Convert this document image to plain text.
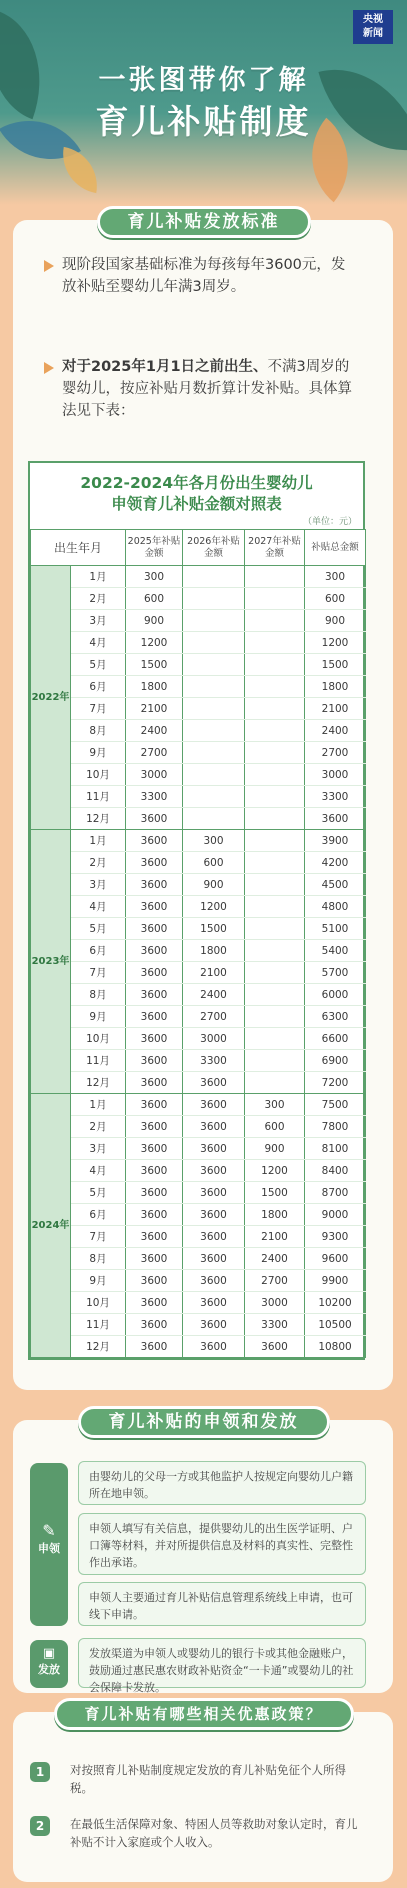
央视
新闻
一张图带你了解
育儿补贴制度
育儿补贴发放标准
现阶段国家基础标准为每孩每年3600元，发放补贴至婴幼儿年满3周岁。
对于2025年1月1日之前出生、不满3周岁的婴幼儿，按应补贴月数折算计发补贴。具体算法见下表：
2022-2024年各月份出生婴幼儿
申领育儿补贴金额对照表
（单位：元）
出生年月		2025年补贴金额	2026年补贴金额	2027年补贴金额	补贴总金额
2022年	1月	300			300
	2月	600			600
	3月	900			900
	4月	1200			1200
	5月	1500			1500
	6月	1800			1800
	7月	2100			2100
	8月	2400			2400
	9月	2700			2700
	10月	3000			3000
	11月	3300			3300
	12月	3600			3600
2023年	1月	3600	300		3900
	2月	3600	600		4200
	3月	3600	900		4500
	4月	3600	1200		4800
	5月	3600	1500		5100
	6月	3600	1800		5400
	7月	3600	2100		5700
	8月	3600	2400		6000
	9月	3600	2700		6300
	10月	3600	3000		6600
	11月	3600	3300		6900
	12月	3600	3600		7200
2024年	1月	3600	3600	300	7500
	2月	3600	3600	600	7800
	3月	3600	3600	900	8100
	4月	3600	3600	1200	8400
	5月	3600	3600	1500	8700
	6月	3600	3600	1800	9000
	7月	3600	3600	2100	9300
	8月	3600	3600	2400	9600
	9月	3600	3600	2700	9900
	10月	3600	3600	3000	10200
	11月	3600	3600	3300	10500
	12月	3600	3600	3600	10800
育儿补贴的申领和发放
✎
申领
由婴幼儿的父母一方或其他监护人按规定向婴幼儿户籍所在地申领。
申领人填写有关信息，提供婴幼儿的出生医学证明、户口簿等材料，并对所提供信息及材料的真实性、完整性作出承诺。
申领人主要通过育儿补贴信息管理系统线上申请，也可线下申请。
▣
发放
发放渠道为申领人或婴幼儿的银行卡或其他金融账户，鼓励通过惠民惠农财政补贴资金“一卡通”或婴幼儿的社会保障卡发放。
育儿补贴有哪些相关优惠政策？
1	对按照育儿补贴制度规定发放的育儿补贴免征个人所得税。
2	在最低生活保障对象、特困人员等救助对象认定时，育儿补贴不计入家庭或个人收入。
